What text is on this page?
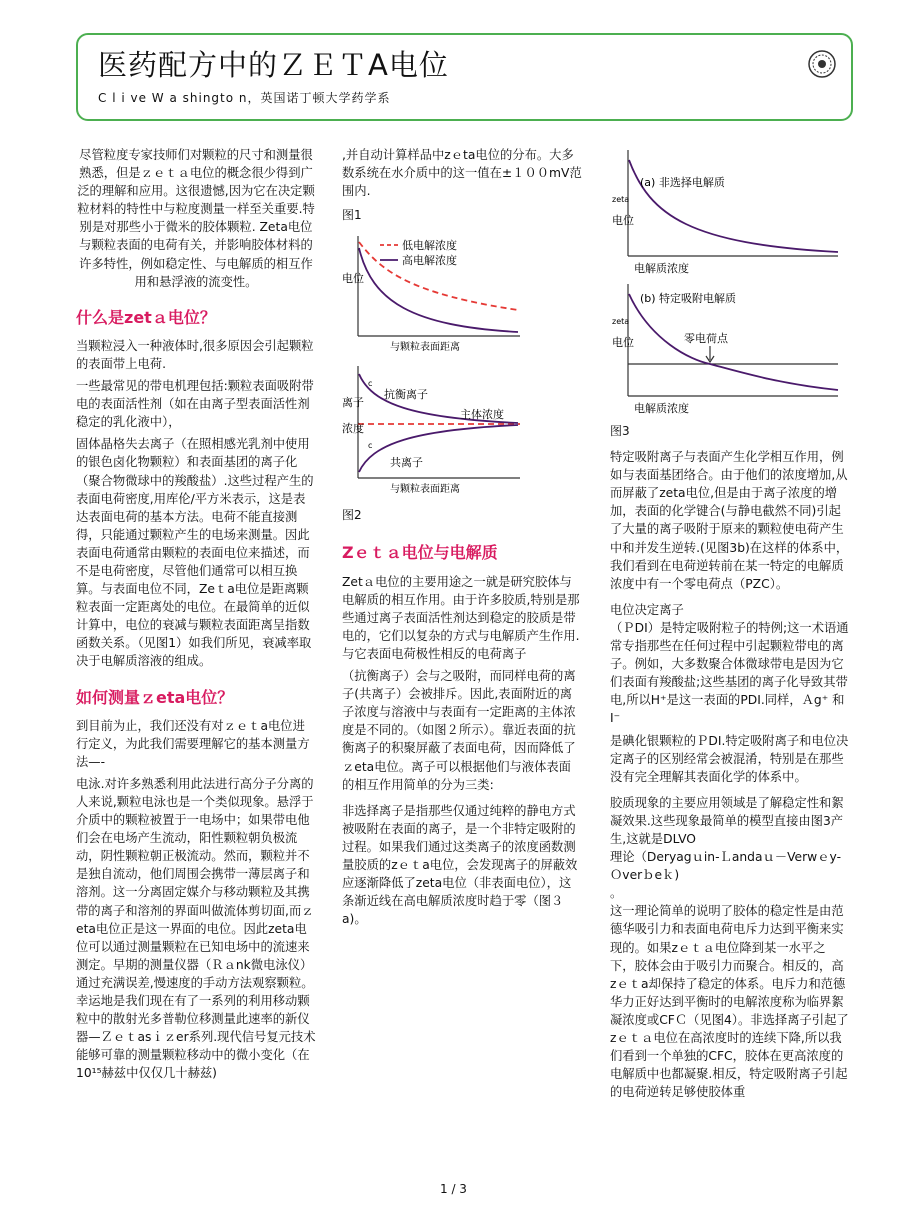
医药配方中的ＺＥＴA电位
C l i ve W a shingto n，英国诺丁顿大学药学系

尽管粒度专家技师们对颗粒的尺寸和测量很熟悉，但是ｚｅｔａ电位的概念很少得到广泛的理解和应用。这很遗憾,因为它在决定颗粒材料的特性中与粒度测量一样至关重要.特别是对那些小于微米的胶体颗粒. Zeta电位与颗粒表面的电荷有关，并影响胶体材料的许多特性，例如稳定性、与电解质的相互作用和悬浮液的流变性。

什么是zetａ电位？

当颗粒浸入一种液体时,很多原因会引起颗粒的表面带上电荷.

一些最常见的带电机理包括:颗粒表面吸附带电的表面活性剂（如在由离子型表面活性剂稳定的乳化液中），

固体晶格失去离子（在照相感光乳剂中使用的银色卤化物颗粒）和表面基团的离子化（聚合物微球中的羧酸盐）.这些过程产生的表面电荷密度,用库伦/平方米表示，这是表达表面电荷的基本方法。电荷不能直接测得，只能通过颗粒产生的电场来测量。因此表面电荷通常由颗粒的表面电位来描述，而不是电荷密度，尽管他们通常可以相互换算。与表面电位不同，Zeｔa电位是距离颗粒表面一定距离处的电位。在最简单的近似计算中，电位的衰减与颗粒表面距离呈指数函数关系。（见图1）如我们所见，衰减率取决于电解质溶液的组成。

如何测量ｚeta电位？

到目前为止，我们还没有对ｚｅｔa电位进行定义，为此我们需要理解它的基本测量方法—-

电泳.对许多熟悉利用此法进行高分子分离的人来说,颗粒电泳也是一个类似现象。悬浮于介质中的颗粒被置于一电场中；如果带电他们会在电场产生流动，阳性颗粒朝负极流动，阴性颗粒朝正极流动。然而，颗粒并不是独自流动，他们周围会携带一薄层离子和溶剂。这一分离固定媒介与移动颗粒及其携带的离子和溶剂的界面叫做流体剪切面,而ｚeta电位正是这一界面的电位。因此zeta电位可以通过测量颗粒在已知电场中的流速来测定。早期的测量仪器（Ｒａnk微电泳仪）通过充满误差,慢速度的手动方法观察颗粒。幸运地是我们现在有了一系列的利用移动颗粒中的散射光多普勒位移测量此速率的新仪器—Ｚｅｔasｉｚer系列.现代信号复元技术能够可靠的测量颗粒移动中的微小变化（在10¹⁵赫兹中仅仅几十赫兹)

,并自动计算样品中zｅta电位的分布。大多数系统在水介质中的这一值在±１００mV范围内.

图1
低电解浓度
高电解浓度
电位
与颗粒表面距离
c
抗衡离子
c
共离子
主体浓度
离子
浓度
与颗粒表面距离
图2
Zｅｔａ电位与电解质

Zetａ电位的主要用途之一就是研究胶体与电解质的相互作用。由于许多胶质,特别是那些通过离子表面活性剂达到稳定的胶质是带电的，它们以复杂的方式与电解质产生作用.与它表面电荷极性相反的电荷离子

（抗衡离子）会与之吸附，而同样电荷的离子(共离子）会被排斥。因此,表面附近的离子浓度与溶液中与表面有一定距离的主体浓度是不同的。（如图２所示）。靠近表面的抗衡离子的积聚屏蔽了表面电荷，因而降低了ｚeta电位。离子可以根据他们与液体表面的相互作用简单的分为三类:

非选择离子是指那些仅通过纯粹的静电方式被吸附在表面的离子，是一个非特定吸附的过程。如果我们通过这类离子的浓度函数测量胶质的zｅｔa电位，会发现离子的屏蔽效应逐渐降低了zeta电位（非表面电位），这条渐近线在高电解质浓度时趋于零（图３a)。

(a) 非选择电解质
zeta
电位
电解质浓度
(b) 特定吸附电解质
零电荷点
zeta
电位
电解质浓度
图3

特定吸附离子与表面产生化学相互作用，例如与表面基团络合。由于他们的浓度增加,从而屏蔽了zeta电位,但是由于离子浓度的增加，表面的化学键合(与静电截然不同)引起了大量的离子吸附于原来的颗粒使电荷产生中和并发生逆转.(见图3b)在这样的体系中，我们看到在电荷逆转前在某一特定的电解质浓度中有一个零电荷点（PZC）。

电位决定离子

（ＰDI）是特定吸附粒子的特例;这一术语通常专指那些在任何过程中引起颗粒带电的离子。例如，大多数聚合体微球带电是因为它们表面有羧酸盐;这些基团的离子化导致其带电,所以H⁺是这一表面的PDI.同样，Ａg⁺ 和I⁻

是碘化银颗粒的ＰDI.特定吸附离子和电位决定离子的区别经常会被混淆，特别是在那些没有完全理解其表面化学的体系中。

胶质现象的主要应用领域是了解稳定性和絮凝效果.这些现象最简单的模型直接由图3产生,这就是DLVO

理论（Deryagｕin-Ｌandaｕ－Verwｅy-Ｏverｂeｋ)

。

这一理论简单的说明了胶体的稳定性是由范德华吸引力和表面电荷电斥力达到平衡来实现的。如果zｅｔａ电位降到某一水平之下，胶体会由于吸引力而聚合。相反的，高zｅｔa却保持了稳定的体系。电斥力和范德华力正好达到平衡时的电解浓度称为临界絮凝浓度或CFＣ（见图4）。非选择离子引起了zｅｔａ电位在高浓度时的连续下降,所以我们看到一个单独的CFC，胶体在更高浓度的电解质中也都凝聚.相反，特定吸附离子引起的电荷逆转足够使胶体重

1 / 3
